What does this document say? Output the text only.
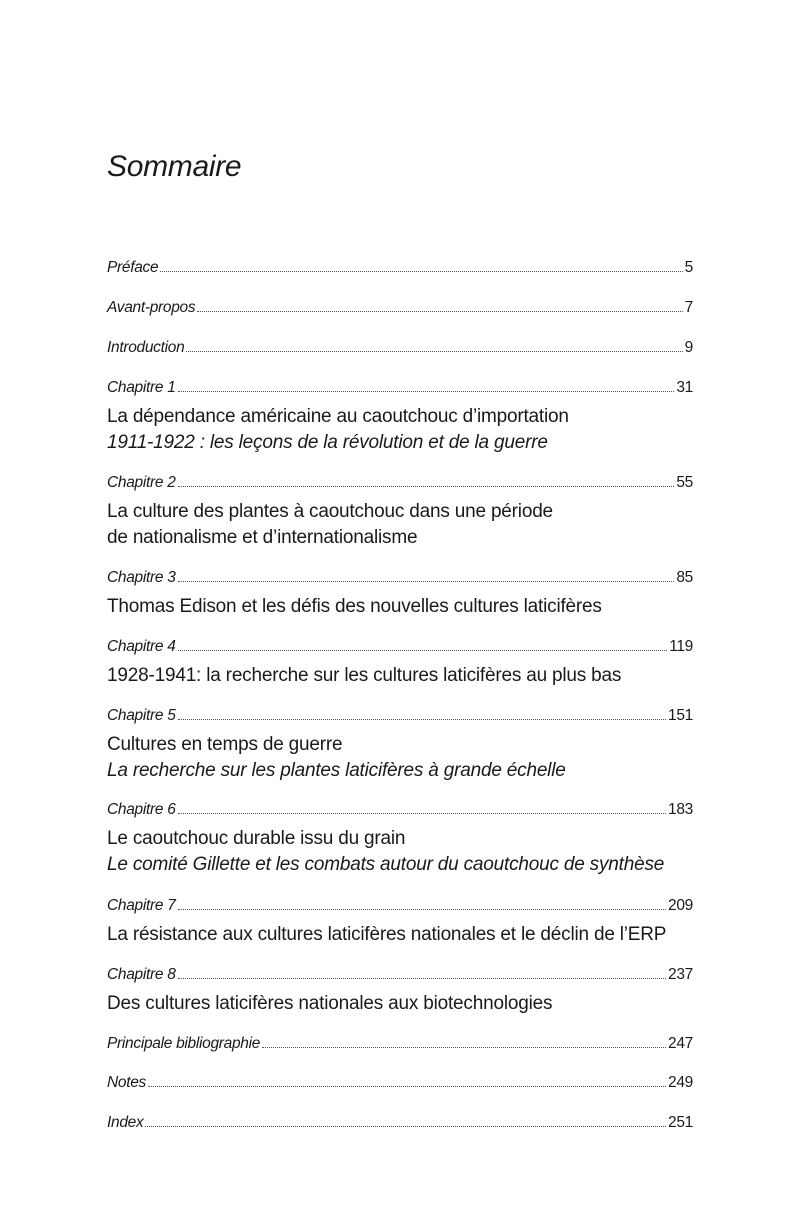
Sommaire
Préface	5
Avant-propos	7
Introduction	9
Chapitre 1	31
La dépendance américaine au caoutchouc d’importation
1911-1922 : les leçons de la révolution et de la guerre
Chapitre 2	55
La culture des plantes à caoutchouc dans une période
de nationalisme et d’internationalisme
Chapitre 3	85
Thomas Edison et les défis des nouvelles cultures laticifères
Chapitre 4	119
1928-1941: la recherche sur les cultures laticifères au plus bas
Chapitre 5	151
Cultures en temps de guerre
La recherche sur les plantes laticifères à grande échelle
Chapitre 6	183
Le caoutchouc durable issu du grain
Le comité Gillette et les combats autour du caoutchouc de synthèse
Chapitre 7	209
La résistance aux cultures laticifères nationales et le déclin de l’ERP
Chapitre 8	237
Des cultures laticifères nationales aux biotechnologies
Principale bibliographie	247
Notes	249
Index	251
